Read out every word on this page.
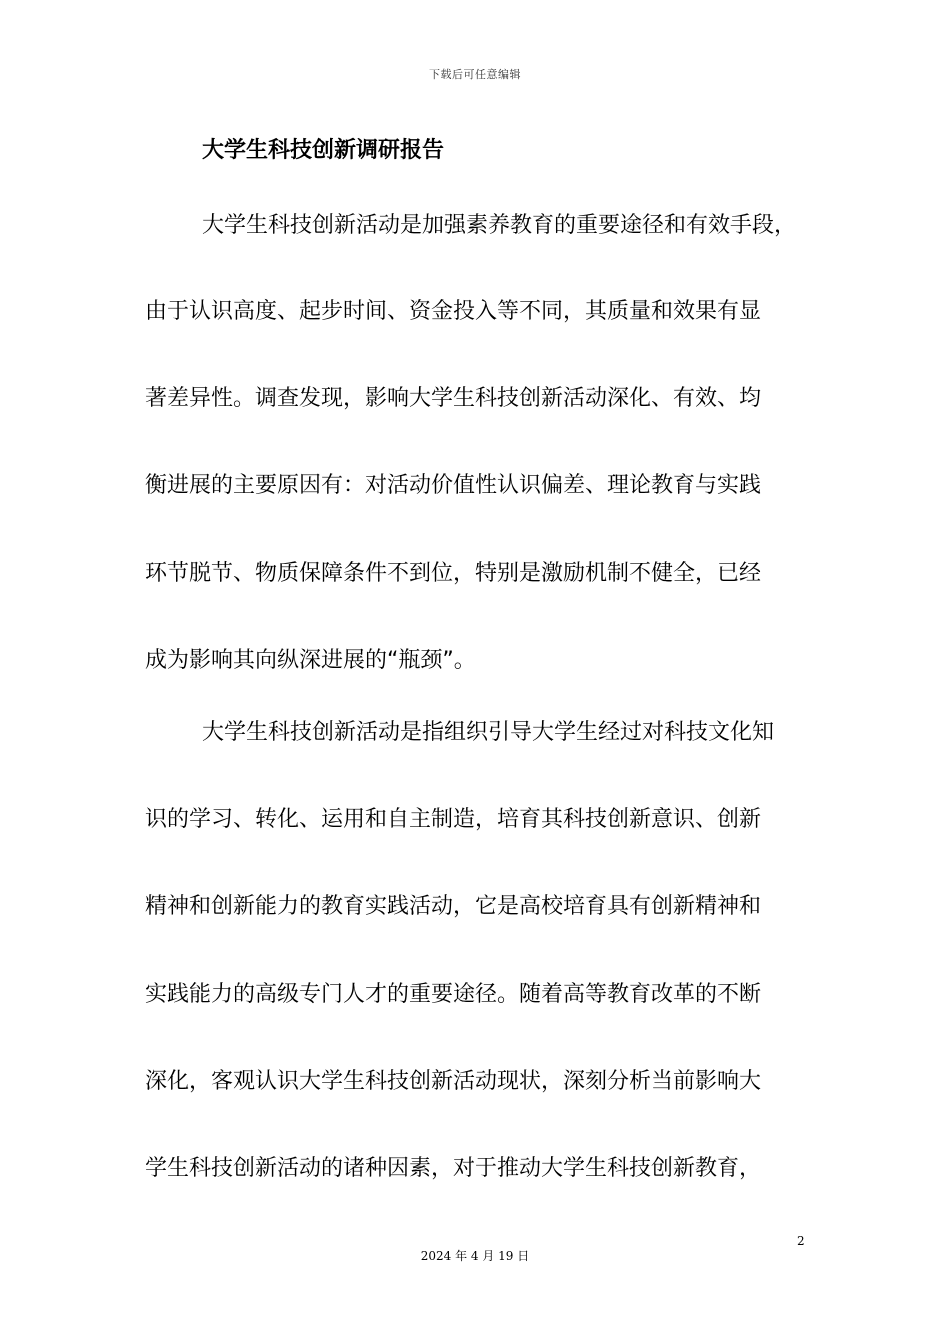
下载后可任意编辑
大学生科技创新调研报告
大学生科技创新活动是加强素养教育的重要途径和有效手段，
由于认识高度、起步时间、资金投入等不同，其质量和效果有显
著差异性。调查发现，影响大学生科技创新活动深化、有效、均
衡进展的主要原因有：对活动价值性认识偏差、理论教育与实践
环节脱节、物质保障条件不到位，特别是激励机制不健全，已经
成为影响其向纵深进展的“瓶颈”。
大学生科技创新活动是指组织引导大学生经过对科技文化知
识的学习、转化、运用和自主制造，培育其科技创新意识、创新
精神和创新能力的教育实践活动，它是高校培育具有创新精神和
实践能力的高级专门人才的重要途径。随着高等教育改革的不断
深化，客观认识大学生科技创新活动现状，深刻分析当前影响大
学生科技创新活动的诸种因素，对于推动大学生科技创新教育，
2
2024 年 4 月 19 日
